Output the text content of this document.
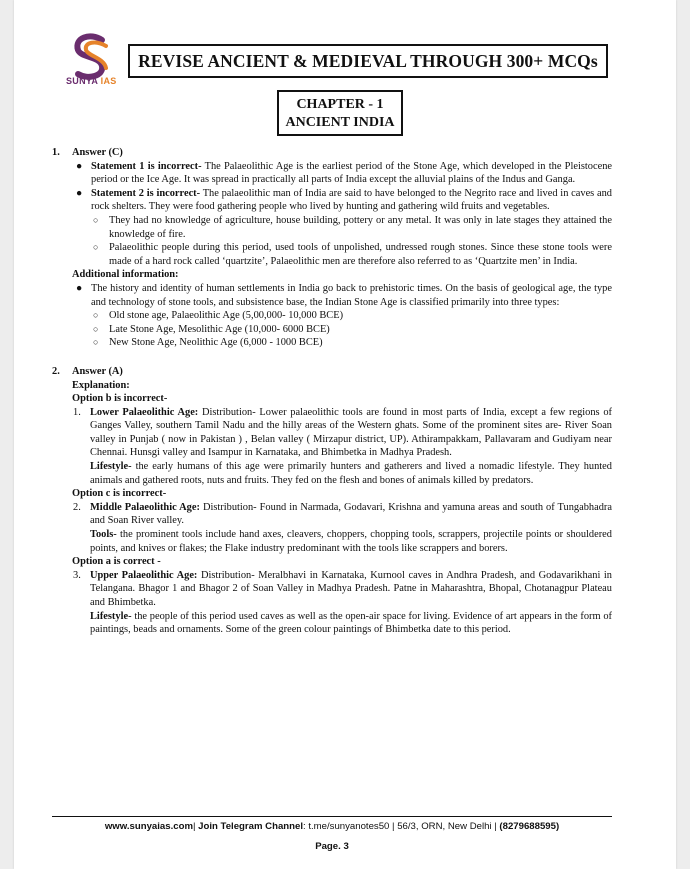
SUNYA IAS
REVISE ANCIENT & MEDIEVAL THROUGH 300+ MCQs
CHAPTER - 1
ANCIENT INDIA
1. Answer (C)
● Statement 1 is incorrect- The Palaeolithic Age is the earliest period of the Stone Age, which developed in the Pleistocene period or the Ice Age. It was spread in practically all parts of India except the alluvial plains of the Indus and Ganga.
● Statement 2 is incorrect- The palaeolithic man of India are said to have belonged to the Negrito race and lived in caves and rock shelters. They were food gathering people who lived by hunting and gathering wild fruits and vegetables.
○ They had no knowledge of agriculture, house building, pottery or any metal. It was only in late stages they attained the knowledge of fire.
○ Palaeolithic people during this period, used tools of unpolished, undressed rough stones. Since these stone tools were made of a hard rock called ‘quartzite’, Palaeolithic men are therefore also referred to as ‘Quartzite men’ in India.
Additional information:
● The history and identity of human settlements in India go back to prehistoric times. On the basis of geological age, the type and technology of stone tools, and subsistence base, the Indian Stone Age is classified primarily into three types:
○ Old stone age, Palaeolithic Age (5,00,000- 10,000 BCE)
○ Late Stone Age, Mesolithic Age (10,000- 6000 BCE)
○ New Stone Age, Neolithic Age (6,000 - 1000 BCE)
2. Answer (A)
Explanation:
Option b is incorrect-
1. Lower Palaeolithic Age: Distribution- Lower palaeolithic tools are found in most parts of India, except a few regions of Ganges Valley, southern Tamil Nadu and the hilly areas of the Western ghats. Some of the prominent sites are- River Soan valley in Punjab ( now in Pakistan ) , Belan valley ( Mirzapur district, UP). Athirampakkam, Pallavaram and Gudiyam near Chennai. Hunsgi valley and Isampur in Karnataka, and Bhimbetka in Madhya Pradesh.
Lifestyle- the early humans of this age were primarily hunters and gatherers and lived a nomadic lifestyle. They hunted animals and gathered roots, nuts and fruits. They fed on the flesh and bones of animals killed by predators.
Option c is incorrect-
2. Middle Palaeolithic Age: Distribution- Found in Narmada, Godavari, Krishna and yamuna areas and south of Tungabhadra and Soan River valley.
Tools- the prominent tools include hand axes, cleavers, choppers, chopping tools, scrappers, projectile points or shouldered points, and knives or flakes; the Flake industry predominant with the tools like scrappers and borers.
Option a is correct -
3. Upper Palaeolithic Age: Distribution- Meralbhavi in Karnataka, Kurnool caves in Andhra Pradesh, and Godavarikhani in Telangana. Bhagor 1 and Bhagor 2 of Soan Valley in Madhya Pradesh. Patne in Maharashtra, Bhopal, Chotanagpur Plateau and Bhimbetka.
Lifestyle- the people of this period used caves as well as the open-air space for living. Evidence of art appears in the form of paintings, beads and ornaments. Some of the green colour paintings of Bhimbetka date to this period.
www.sunyaias.com| Join Telegram Channel: t.me/sunyanotes50 | 56/3, ORN, New Delhi | (8279688595)
Page. 3
